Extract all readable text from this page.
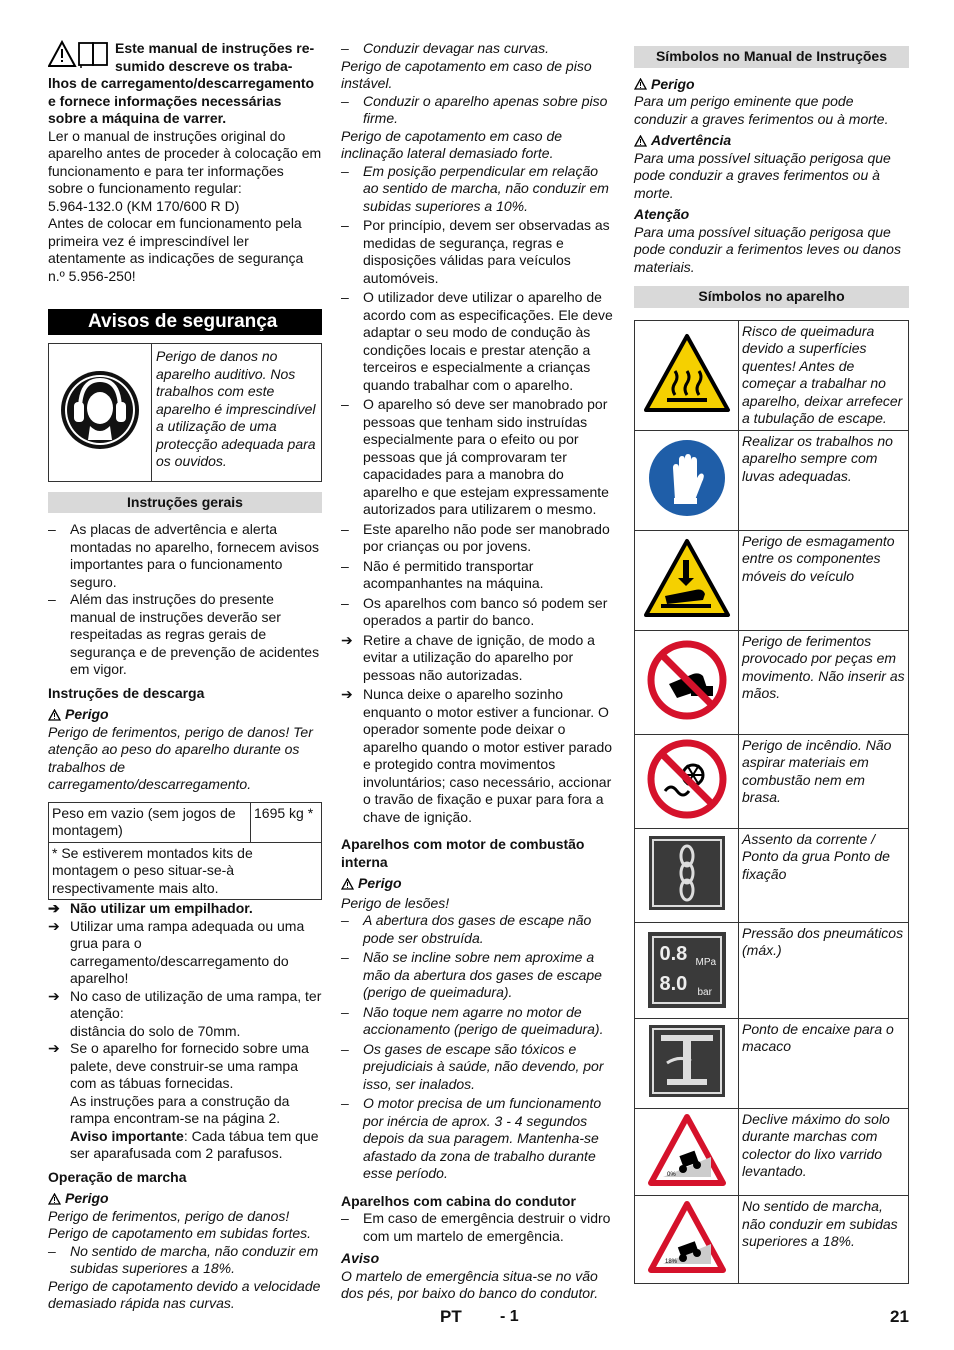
Este manual de instruções re-

sumido descreve os traba-

lhos de carregamento/descarregamento e fornece informações necessárias sobre a máquina de varrer.

Ler o manual de instruções original do aparelho antes de proceder à colocação em funcionamento e para ter informações sobre o funcionamento regular:

5.964-132.0 (KM 170/600 R D)

Antes de colocar em funcionamento pela primeira vez é imprescindível ler atentamente as indicações de segurança n.º 5.956-250!

Avisos de segurança
	Perigo de danos no aparelho auditivo. Nos trabalhos com este aparelho é imprescindível a utilização de uma protecção adequada para os ouvidos.
Instruções gerais
–	As placas de advertência e alerta montadas no aparelho, fornecem avisos importantes para o funcionamento seguro.
–	Além das instruções do presente manual de instruções deverão ser respeitadas as regras gerais de segurança e de prevenção de acidentes em vigor.

Instruções de descarga

Perigo

Perigo de ferimentos, perigo de danos! Ter atenção ao peso do aparelho durante os trabalhos de carregamento/descarregamento.

Peso em vazio (sem jogos de montagem)	1695 kg *
* Se estiverem montados kits de montagem o peso situar-se-à respectivamente mais alto.
➔ Não utilizar um empilhador.
➔ Utilizar uma rampa adequada ou uma grua para o carregamento/descarregamento do aparelho!
➔ No caso de utilização de uma rampa, ter atenção:
distância do solo de 70mm.
➔ Se o aparelho for fornecido sobre uma palete, deve construir-se uma rampa com as tábuas fornecidas.
As instruções para a construção da rampa encontram-se na página 2.
Aviso importante: Cada tábua tem que ser aparafusada com 2 parafusos.

Operação de marcha

Perigo

Perigo de ferimentos, perigo de danos!

Perigo de capotamento em subidas fortes.

–	No sentido de marcha, não conduzir em subidas superiores a 18%.

Perigo de capotamento devido a velocidade demasiado rápida nas curvas.

–	Conduzir devagar nas curvas.

Perigo de capotamento em caso de piso instável.

–	Conduzir o aparelho apenas sobre piso firme.

Perigo de capotamento em caso de inclinação lateral demasiado forte.

–	Em posição perpendicular em relação ao sentido de marcha, não conduzir em subidas superiores a 10%.
–	Por princípio, devem ser observadas as medidas de segurança, regras e disposições válidas para veículos automóveis.
–	O utilizador deve utilizar o aparelho de acordo com as especificações. Ele deve adaptar o seu modo de condução às condições locais e prestar atenção a terceiros e especialmente a crianças quando trabalhar com o aparelho.
–	O aparelho só deve ser manobrado por pessoas que tenham sido instruídas especialmente para o efeito ou por pessoas que já comprovaram ter capacidades para a manobra do aparelho e que estejam expressamente autorizados para utilizarem o mesmo.
–	Este aparelho não pode ser manobrado por crianças ou por jovens.
–	Não é permitido transportar acompanhantes na máquina.
–	Os aparelhos com banco só podem ser operados a partir do banco.
➔ Retire a chave de ignição, de modo a evitar a utilização do aparelho por pessoas não autorizadas.
➔ Nunca deixe o aparelho sozinho enquanto o motor estiver a funcionar. O operador somente pode deixar o aparelho quando o motor estiver parado e protegido contra movimentos involuntários; caso necessário, accionar o travão de fixação e puxar para fora a chave de ignição.

Aparelhos com motor de combustão interna

Perigo

Perigo de lesões!

–	A abertura dos gases de escape não pode ser obstruída.
–	Não se incline sobre nem aproxime a mão da abertura dos gases de escape (perigo de queimadura).
–	Não toque nem agarre no motor de accionamento (perigo de queimadura).
–	Os gases de escape são tóxicos e prejudiciais à saúde, não devendo, por isso, ser inalados.
–	O motor precisa de um funcionamento por inércia de aprox. 3 - 4 segundos depois da sua paragem. Mantenha-se afastado da zona de trabalho durante esse período.

Aparelhos com cabina do condutor

–	Em caso de emergência destruir o vidro com um martelo de emergência.

Aviso

O martelo de emergência situa-se no vão dos pés, por baixo do banco do condutor.

Símbolos no Manual de Instruções
Perigo

Para um perigo eminente que pode conduzir a graves ferimentos ou à morte.

Advertência

Para uma possível situação perigosa que pode conduzir a graves ferimentos ou à morte.

Atenção

Para uma possível situação perigosa que pode conduzir a ferimentos leves ou danos materiais.

Símbolos no aparelho
	Risco de queimadura devido a superfícies quentes! Antes de começar a trabalhar no aparelho, deixar arrefecer a tubulação de escape.
	Realizar os trabalhos no aparelho sempre com luvas adequadas.
	Perigo de esmagamento entre os componentes móveis do veículo
	Perigo de ferimentos provocado por peças em movimento. Não inserir as mãos.
	Perigo de incêndio. Não aspirar materiais em combustão nem em brasa.
	Assento da corrente / Ponto da grua Ponto de fixação

0.8 MPa
8.0 bar	Pressão dos pneumáticos (máx.)
	Ponto de encaixe para o macaco

0%	Declive máximo do solo durante marchas com colector do lixo varrido levantado.

18%	No sentido de marcha, não conduzir em subidas superiores a 18%.
PT - 1	21
